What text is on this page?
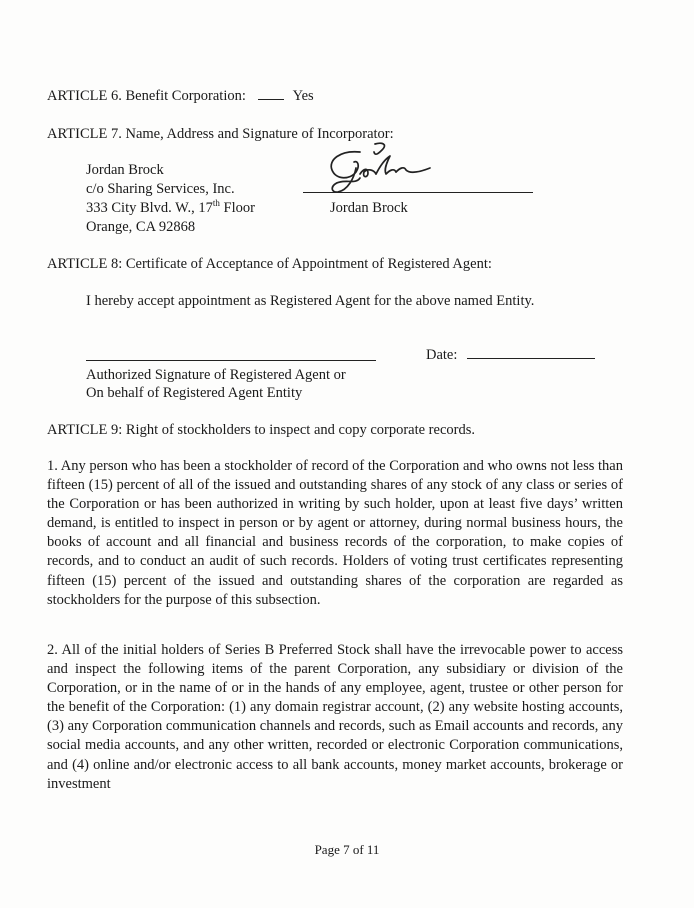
ARTICLE 6. Benefit Corporation:	Yes
ARTICLE 7. Name, Address and Signature of Incorporator:
Jordan Brock
c/o Sharing Services, Inc.
333 City Blvd. W., 17th Floor
Orange, CA 92868
Jordan Brock
ARTICLE 8: Certificate of Acceptance of Appointment of Registered Agent:
I hereby accept appointment as Registered Agent for the above named Entity.
Date:
Authorized Signature of Registered Agent or
On behalf of Registered Agent Entity
ARTICLE 9: Right of stockholders to inspect and copy corporate records.
1. Any person who has been a stockholder of record of the Corporation and who owns not less than fifteen (15) percent of all of the issued and outstanding shares of any stock of any class or series of the Corporation or has been authorized in writing by such holder, upon at least five days’ written demand, is entitled to inspect in person or by agent or attorney, during normal business hours, the books of account and all financial and business records of the corporation, to make copies of records, and to conduct an audit of such records. Holders of voting trust certificates representing fifteen (15) percent of the issued and outstanding shares of the corporation are regarded as stockholders for the purpose of this subsection.
2. All of the initial holders of Series B Preferred Stock shall have the irrevocable power to access and inspect the following items of the parent Corporation, any subsidiary or division of the Corporation, or in the name of or in the hands of any employee, agent, trustee or other person for the benefit of the Corporation: (1) any domain registrar account, (2) any website hosting accounts, (3) any Corporation communication channels and records, such as Email accounts and records, any social media accounts, and any other written, recorded or electronic Corporation communications, and (4) online and/or electronic access to all bank accounts, money market accounts, brokerage or investment
Page 7 of 11
